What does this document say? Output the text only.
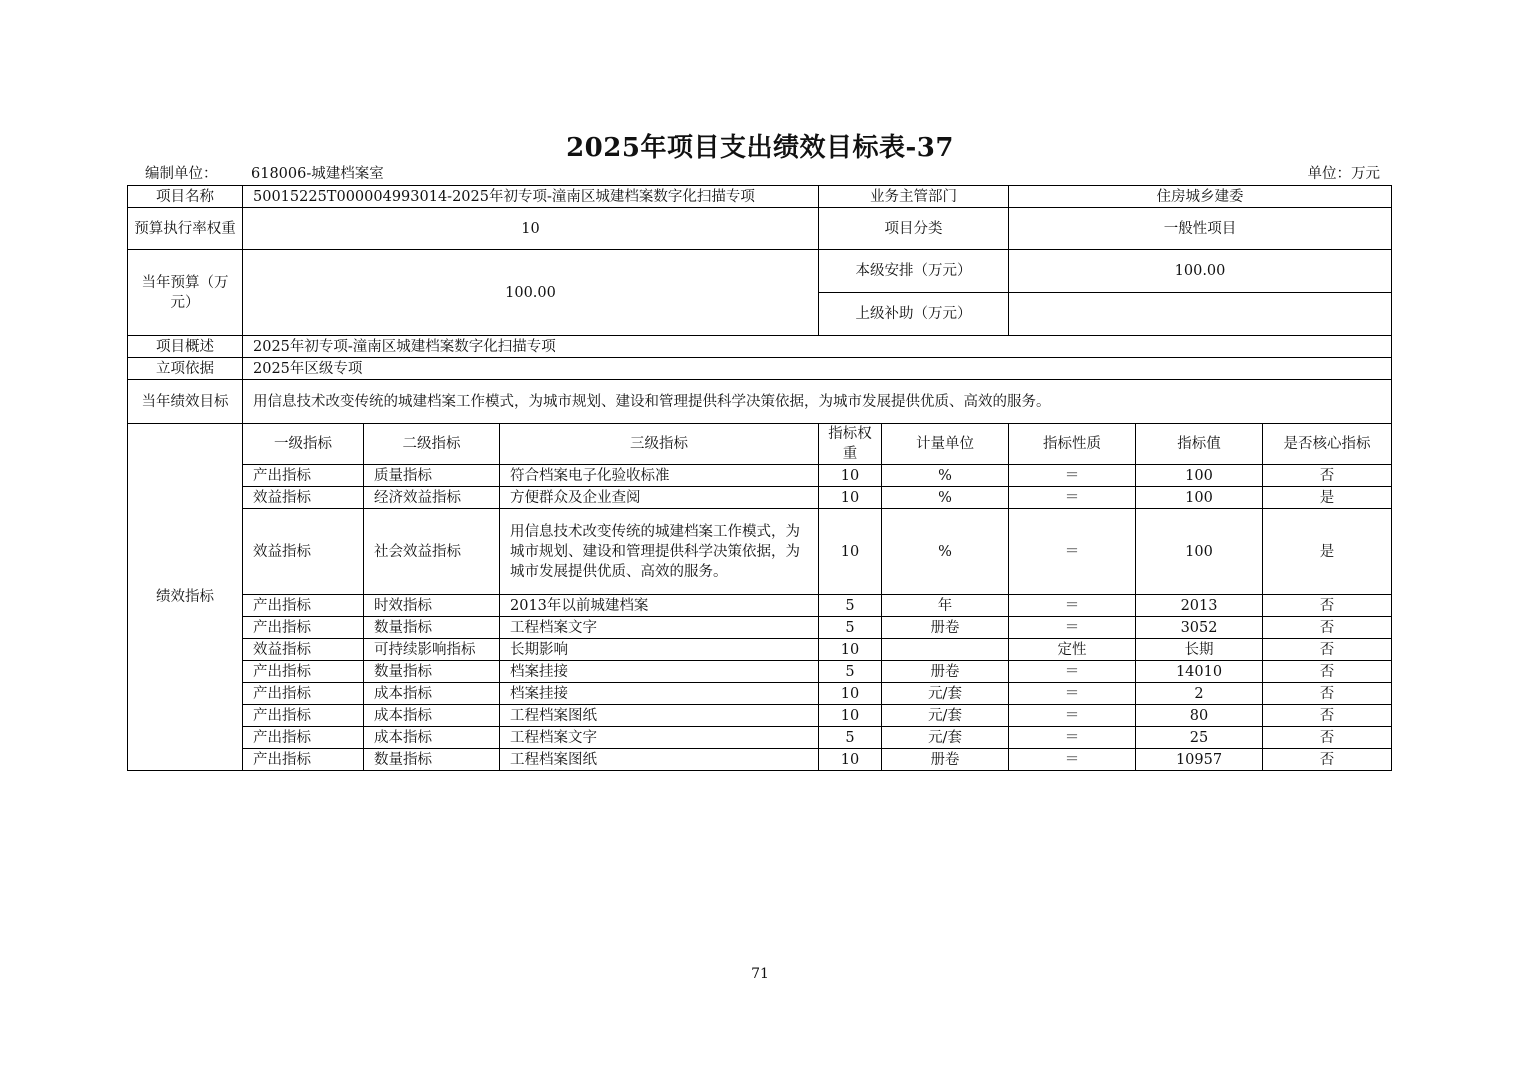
2025年项目支出绩效目标表-37
编制单位： 618006-城建档案室	单位：万元
项目名称	50015225T000004993014-2025年初专项-潼南区城建档案数字化扫描专项			业务主管部门		住房城乡建委		
预算执行率权重	10			项目分类		一般性项目		
当年预算（万元）	100.00			本级安排（万元）		100.00		
				上级补助（万元）				
项目概述	2025年初专项-潼南区城建档案数字化扫描专项							
立项依据	2025年区级专项							
当年绩效目标	用信息技术改变传统的城建档案工作模式，为城市规划、建设和管理提供科学决策依据，为城市发展提供优质、高效的服务。							
绩效指标	一级指标	二级指标	三级指标	指标权重	计量单位	指标性质	指标值	是否核心指标
	产出指标	质量指标	符合档案电子化验收标准	10	%	＝	100	否
	效益指标	经济效益指标	方便群众及企业查阅	10	%	＝	100	是
	效益指标	社会效益指标	用信息技术改变传统的城建档案工作模式，为城市规划、建设和管理提供科学决策依据，为城市发展提供优质、高效的服务。	10	%	＝	100	是
	产出指标	时效指标	2013年以前城建档案	5	年	＝	2013	否
	产出指标	数量指标	工程档案文字	5	册卷	＝	3052	否
	效益指标	可持续影响指标	长期影响	10		定性	长期	否
	产出指标	数量指标	档案挂接	5	册卷	＝	14010	否
	产出指标	成本指标	档案挂接	10	元/套	＝	2	否
	产出指标	成本指标	工程档案图纸	10	元/套	＝	80	否
	产出指标	成本指标	工程档案文字	5	元/套	＝	25	否
	产出指标	数量指标	工程档案图纸	10	册卷	＝	10957	否
71
